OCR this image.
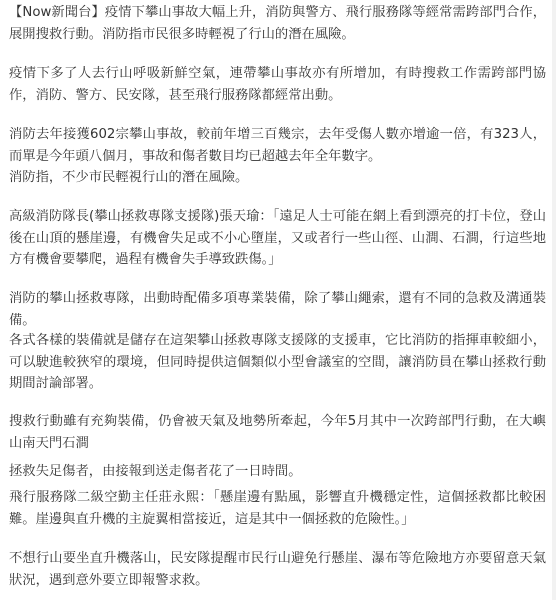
【Now新聞台】疫情下攀山事故大幅上升，消防與警方、飛行服務隊等經常需跨部門合作，展開搜救行動。消防指市民很多時輕視了行山的潛在風險。

疫情下多了人去行山呼吸新鮮空氣，連帶攀山事故亦有所增加，有時搜救工作需跨部門協作，消防、警方、民安隊，甚至飛行服務隊都經常出動。

消防去年接獲602宗攀山事故，較前年增三百幾宗，去年受傷人數亦增逾一倍，有323人，而單是今年頭八個月，事故和傷者數目均已超越去年全年數字。

消防指，不少市民輕視行山的潛在風險。

高級消防隊長(攀山拯救專隊支援隊)張天瑜：「遠足人士可能在網上看到漂亮的打卡位，登山後在山頂的懸崖邊，有機會失足或不小心墮崖，又或者行一些山徑、山澗、石澗，行這些地方有機會要攀爬，過程有機會失手導致跌傷。」

消防的攀山拯救專隊，出動時配備多項專業裝備，除了攀山繩索，還有不同的急救及溝通裝備。

各式各樣的裝備就是儲存在這架攀山拯救專隊支援隊的支援車，它比消防的指揮車較細小，可以駛進較狹窄的環境，但同時提供這個類似小型會議室的空間，讓消防員在攀山拯救行動期間討論部署。

搜救行動雖有充夠裝備，仍會被天氣及地勢所牽起，今年5月其中一次跨部門行動，在大嶼山南天門石澗

拯救失足傷者，由接報到送走傷者花了一日時間。

飛行服務隊二級空勤主任莊永熙：「懸崖邊有點風，影響直升機穩定性，這個拯救都比較困難。崖邊與直升機的主旋翼相當接近，這是其中一個拯救的危險性。」

不想行山要坐直升機落山，民安隊提醒市民行山避免行懸崖、瀑布等危險地方亦要留意天氣狀況，遇到意外要立即報警求救。
